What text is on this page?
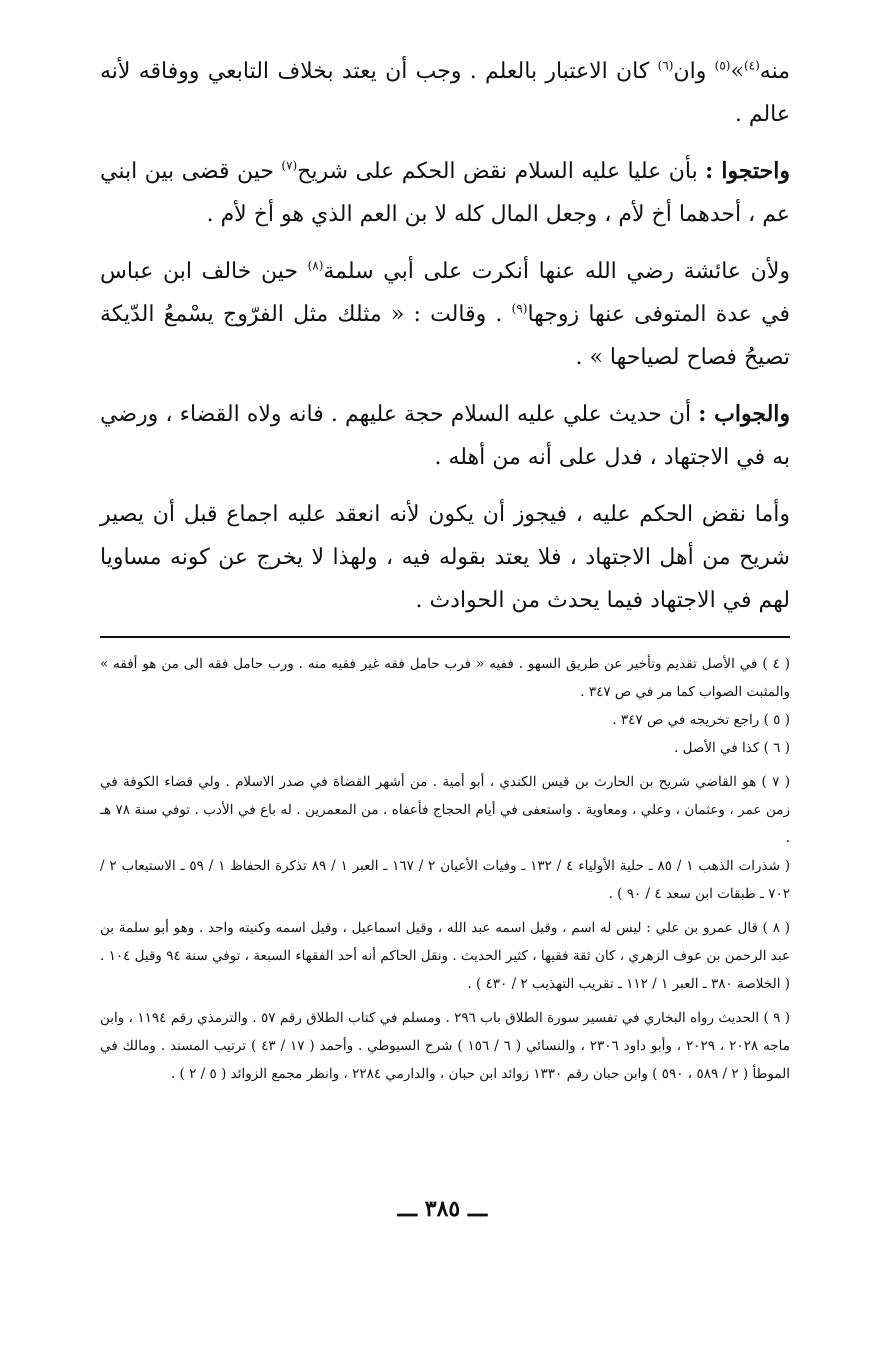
منه$^{(٤)}$»$^{(٥)}$ وان$^{(٦)}$ كان الاعتبار بالعلم . وجب أن يعتد بخلاف التابعي ووفاقه لأنه عالم .

واحتجوا : بأن عليا عليه السلام نقض الحكم على شريح$^{(٧)}$ حين قضى بين ابني عم ، أحدهما أخ لأم ، وجعل المال كله لا بن العم الذي هو أخ لأم .

ولأن عائشة رضي الله عنها أنكرت على أبي سلمة$^{(٨)}$ حين خالف ابن عباس في عدة المتوفى عنها زوجها$^{(٩)}$ . وقالت : « مثلك مثل الفرّوج يسْمعُ الدّيكة تصيحُ فصاح لصياحها » .

والجواب : أن حديث علي عليه السلام حجة عليهم . فانه ولاه القضاء ، ورضي به في الاجتهاد ، فدل على أنه من أهله .

وأما نقض الحكم عليه ، فيجوز أن يكون لأنه انعقد عليه اجماع قبل أن يصير شريح من أهل الاجتهاد ، فلا يعتد بقوله فيه ، ولهذا لا يخرج عن كونه مساويا لهم في الاجتهاد فيما يحدث من الحوادث .

( ٤ ) في الأصل تقديم وتأخير عن طريق السهو . ففيه « فرب حامل فقه غير فقيه منه . ورب حامل فقه الى من هو أفقه » والمثبت الصواب كما مر في ص ٣٤٧ .

( ٥ ) راجع تخريجه في ص ٣٤٧ .

( ٦ ) كذا في الأصل .

( ٧ ) هو القاضي شريح بن الحارث بن قيس الكندي ، أبو أمية . من أشهر القضاة في صدر الاسلام . ولي قضاء الكوفة في زمن عمر ، وعثمان ، وعلي ، ومعاوية . واستعفى في أيام الحجاج فأعفاه . من المعمرين . له باع في الأدب . توفي سنة ٧٨ هـ .

( شذرات الذهب ١ / ٨٥ ـ حلية الأولياء ٤ / ١٣٢ ـ وفيات الأعيان ٢ / ١٦٧ ـ العبر ١ / ٨٩ تذكرة الحفاظ ١ / ٥٩ ـ الاستيعاب ٢ / ٧٠٢ ـ طبقات ابن سعد ٤ / ٩٠ ) .

( ٨ ) قال عمرو بن علي : ليس له اسم ، وقيل اسمه عبد الله ، وقيل اسماعيل ، وقيل اسمه وكنيته واحد . وهو أبو سلمة بن عبد الرحمن بن عوف الزهري ، كان ثقة فقيها ، كثير الحديث . ونقل الحاكم أنه أحد الفقهاء السبعة ، توفي سنة ٩٤ وقيل ١٠٤ .

( الخلاصة ٣٨٠ ـ العبر ١ / ١١٢ ـ تقريب التهذيب ٢ / ٤٣٠ ) .

( ٩ ) الحديث رواه البخاري في تفسير سورة الطلاق باب ٢٩٦ . ومسلم في كتاب الطلاق رقم ٥٧ . والترمذي رقم ١١٩٤ ، وابن ماجه ٢٠٢٨ ، ٢٠٢٩ ، وأبو داود ٢٣٠٦ ، والنسائي ( ٦ / ١٥٦ ) شرح السيوطي . وأحمد ( ١٧ / ٤٣ ) ترتيب المسند . ومالك في الموطأ ( ٢ / ٥٨٩ ، ٥٩٠ ) وابن حبان رقم ١٣٣٠ زوائد ابن حبان ، والدارمي ٢٢٨٤ ، وانظر مجمع الزوائد ( ٥ / ٢ ) .

ـــ ٣٨٥ ـــ
